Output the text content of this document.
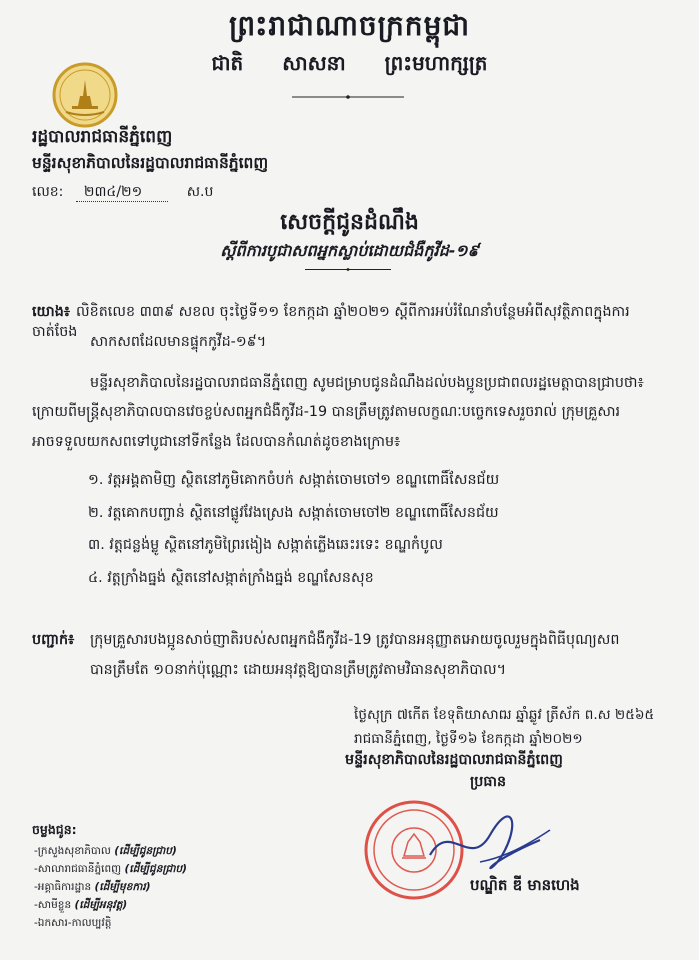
ព្រះរាជាណាចក្រកម្ពុជា
ជាតិ សាសនា ព្រះមហាក្សត្រ
រដ្ឋបាលរាជធានីភ្នំពេញ
មន្ទីរសុខាភិបាលនៃរដ្ឋបាលរាជធានីភ្នំពេញ
លេខ: ២៣៤/២១	ស.ប
សេចក្តីជូនដំណឹង
ស្តីពីការបូជាសពអ្នកស្លាប់ដោយជំងឺកូវីដ-១៩
យោង៖ លិខិតលេខ ៣៣៩ សខល ចុះថ្ងៃទី១១ ខែកក្កដា ឆ្នាំ២០២១ ស្តីពីការអប់រំណែនាំបន្ថែមអំពីសុវត្ថិភាពក្នុងការចាត់ចែង
សាកសពដែលមានផ្ទុកកូវីដ-១៩។
មន្ទីរសុខាភិបាលនៃរដ្ឋបាលរាជធានីភ្នំពេញ សូមជម្រាបជូនដំណឹងដល់បងប្អូនប្រជាពលរដ្ឋមេត្តាបានជ្រាបថា៖
ក្រោយពីមន្ត្រីសុខាភិបាលបានវេចខ្ចប់សពអ្នកជំងឺកូវីដ-19 បានត្រឹមត្រូវតាមលក្ខណៈបច្ចេកទេសរួចរាល់ ក្រុមគ្រួសារ
អាចទទួលយកសពទៅបូជានៅទីកន្លែង ដែលបានកំណត់ដូចខាងក្រោម៖
១. វត្តអង្គតាមិញ ស្ថិតនៅភូមិគោកចំបក់ សង្កាត់ចោមចៅ១ ខណ្ឌពោធិ៍សែនជ័យ
២. វត្តគោកបញ្ចាន់ ស្ថិតនៅផ្លូវវែងស្រេង សង្កាត់ចោមចៅ២ ខណ្ឌពោធិ៍សែនជ័យ
៣. វត្តជន្លង់ម្លូ ស្ថិតនៅភូមិព្រៃរងៀង សង្កាត់ភ្លើងឆេះរទេះ ខណ្ឌកំបូល
៤. វត្តក្រាំងធ្នង់ ស្ថិតនៅសង្កាត់ក្រាំងធ្នង់ ខណ្ឌសែនសុខ
បញ្ជាក់៖ ក្រុមគ្រួសារបងប្អូនសាច់ញាតិរបស់សពអ្នកជំងឺកូវីដ-19 ត្រូវបានអនុញ្ញាតអោយចូលរួមក្នុងពិធីបុណ្យសព
បានត្រឹមតែ ១០នាក់ប៉ុណ្ណោះ ដោយអនុវត្តឱ្យបានត្រឹមត្រូវតាមវិធានសុខាភិបាល។
ថ្ងៃសុក្រ ៧កើត ខែទុតិយាសាឍ ឆ្នាំឆ្លូវ ត្រីស័ក ព.ស ២៥៦៥
រាជធានីភ្នំពេញ, ថ្ងៃទី១៦ ខែកក្កដា ឆ្នាំ២០២១
មន្ទីរសុខាភិបាលនៃរដ្ឋបាលរាជធានីភ្នំពេញ
ប្រធាន
បណ្ឌិត ឌី មានហេង
ចម្លងជូន:
-ក្រសួងសុខាភិបាល (ដើម្បីជូនជ្រាប)
-សាលារាជធានីភ្នំពេញ (ដើម្បីជូនជ្រាប)
-អគ្គាធិការដ្ឋាន (ដើម្បីមុខការ)
-សាមីខ្លួន (ដើម្បីអនុវត្ត)
-ឯកសារ-កាលប្បវត្តិ
